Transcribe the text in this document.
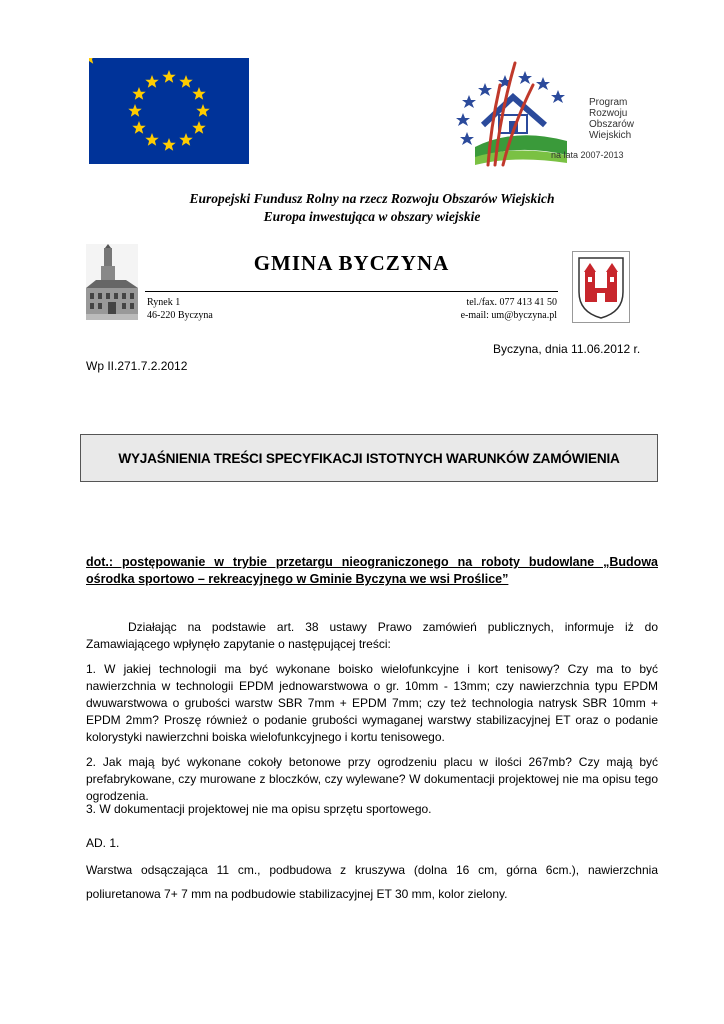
Program
Rozwoju
Obszarów
Wiejskich
na lata 2007-2013
Europejski Fundusz Rolny na rzecz Rozwoju Obszarów Wiejskich
Europa inwestująca w obszary wiejskie
GMINA BYCZYNA
Rynek 1
46-220 Byczyna
tel./fax. 077 413 41 50
e-mail: um@byczyna.pl
Byczyna, dnia 11.06.2012 r.
Wp II.271.7.2.2012
WYJAŚNIENIA TREŚCI SPECYFIKACJI ISTOTNYCH WARUNKÓW ZAMÓWIENIA
dot.: postępowanie w trybie przetargu nieograniczonego na roboty budowlane „Budowa ośrodka sportowo – rekreacyjnego w Gminie Byczyna we wsi Proślice”
Działając na podstawie art. 38 ustawy Prawo zamówień publicznych, informuje iż do Zamawiającego wpłynęło zapytanie o następującej treści:
1. W jakiej technologii ma być wykonane boisko wielofunkcyjne i kort tenisowy? Czy ma to być nawierzchnia w technologii EPDM jednowarstwowa o gr. 10mm - 13mm; czy nawierzchnia typu EPDM dwuwarstwowa o grubości warstw SBR 7mm + EPDM 7mm; czy też technologia natrysk SBR 10mm + EPDM 2mm? Proszę również o podanie grubości wymaganej warstwy stabilizacyjnej ET oraz o podanie kolorystyki nawierzchni boiska wielofunkcyjnego i kortu tenisowego.
2. Jak mają być wykonane cokoły betonowe przy ogrodzeniu placu w ilości 267mb? Czy mają być prefabrykowane, czy murowane z bloczków, czy wylewane? W dokumentacji projektowej nie ma opisu tego ogrodzenia.
3. W dokumentacji projektowej nie ma opisu sprzętu sportowego.
AD. 1.
Warstwa odsączająca 11 cm., podbudowa z kruszywa (dolna 16 cm, górna 6cm.), nawierzchnia poliuretanowa 7+ 7 mm na podbudowie stabilizacyjnej ET 30 mm, kolor zielony.
